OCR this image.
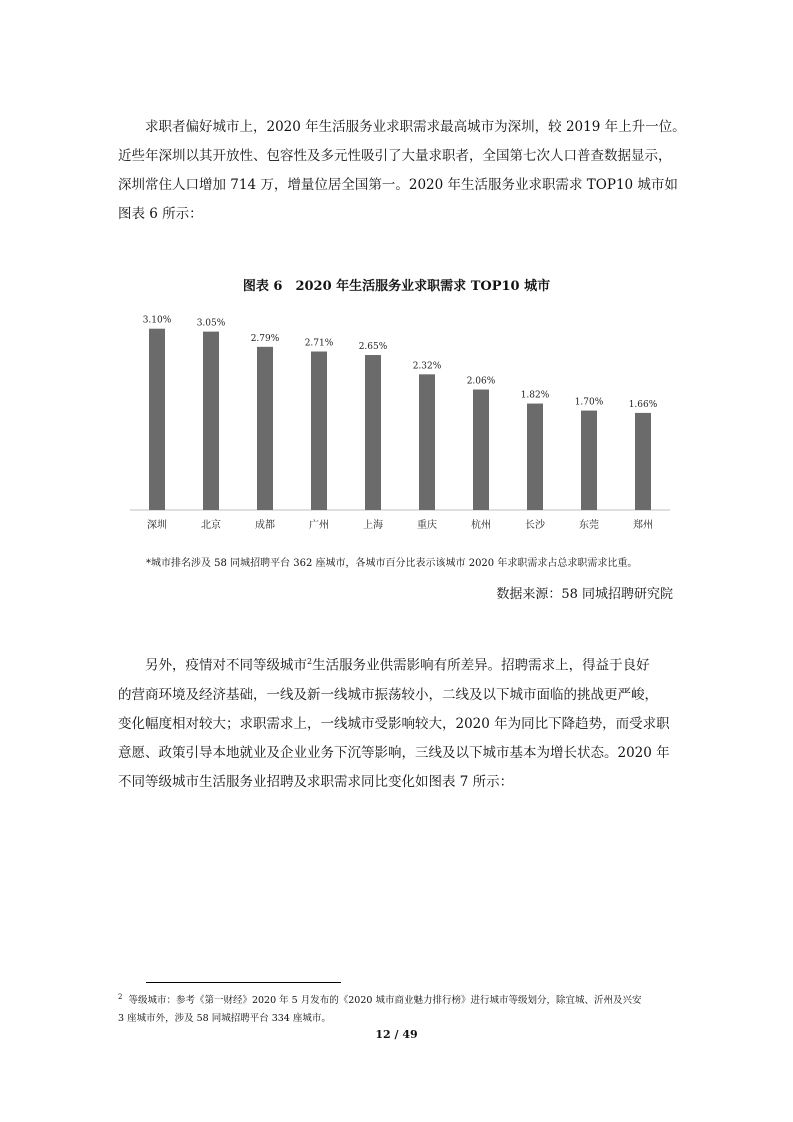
求职者偏好城市上，2020 年生活服务业求职需求最高城市为深圳，较 2019 年上升一位。
近些年深圳以其开放性、包容性及多元性吸引了大量求职者，全国第七次人口普查数据显示，
深圳常住人口增加 714 万，增量位居全国第一。2020 年生活服务业求职需求 TOP10 城市如
图表 6 所示：
图表 6　2020 年生活服务业求职需求 TOP10 城市
3.10%
深圳
3.05%
北京
2.79%
成都
2.71%
广州
2.65%
上海
2.32%
重庆
2.06%
杭州
1.82%
长沙
1.70%
东莞
1.66%
郑州
*城市排名涉及 58 同城招聘平台 362 座城市，各城市百分比表示该城市 2020 年求职需求占总求职需求比重。
数据来源：58 同城招聘研究院
另外，疫情对不同等级城市$^2$生活服务业供需影响有所差异。招聘需求上，得益于良好
的营商环境及经济基础，一线及新一线城市振荡较小，二线及以下城市面临的挑战更严峻，
变化幅度相对较大；求职需求上，一线城市受影响较大，2020 年为同比下降趋势，而受求职
意愿、政策引导本地就业及企业业务下沉等影响，三线及以下城市基本为增长状态。2020 年
不同等级城市生活服务业招聘及求职需求同比变化如图表 7 所示：
$^2$ 等级城市：参考《第一财经》2020 年 5 月发布的《2020 城市商业魅力排行榜》进行城市等级划分，除宜城、沂州及兴安
3 座城市外，涉及 58 同城招聘平台 334 座城市。
12 / 49
